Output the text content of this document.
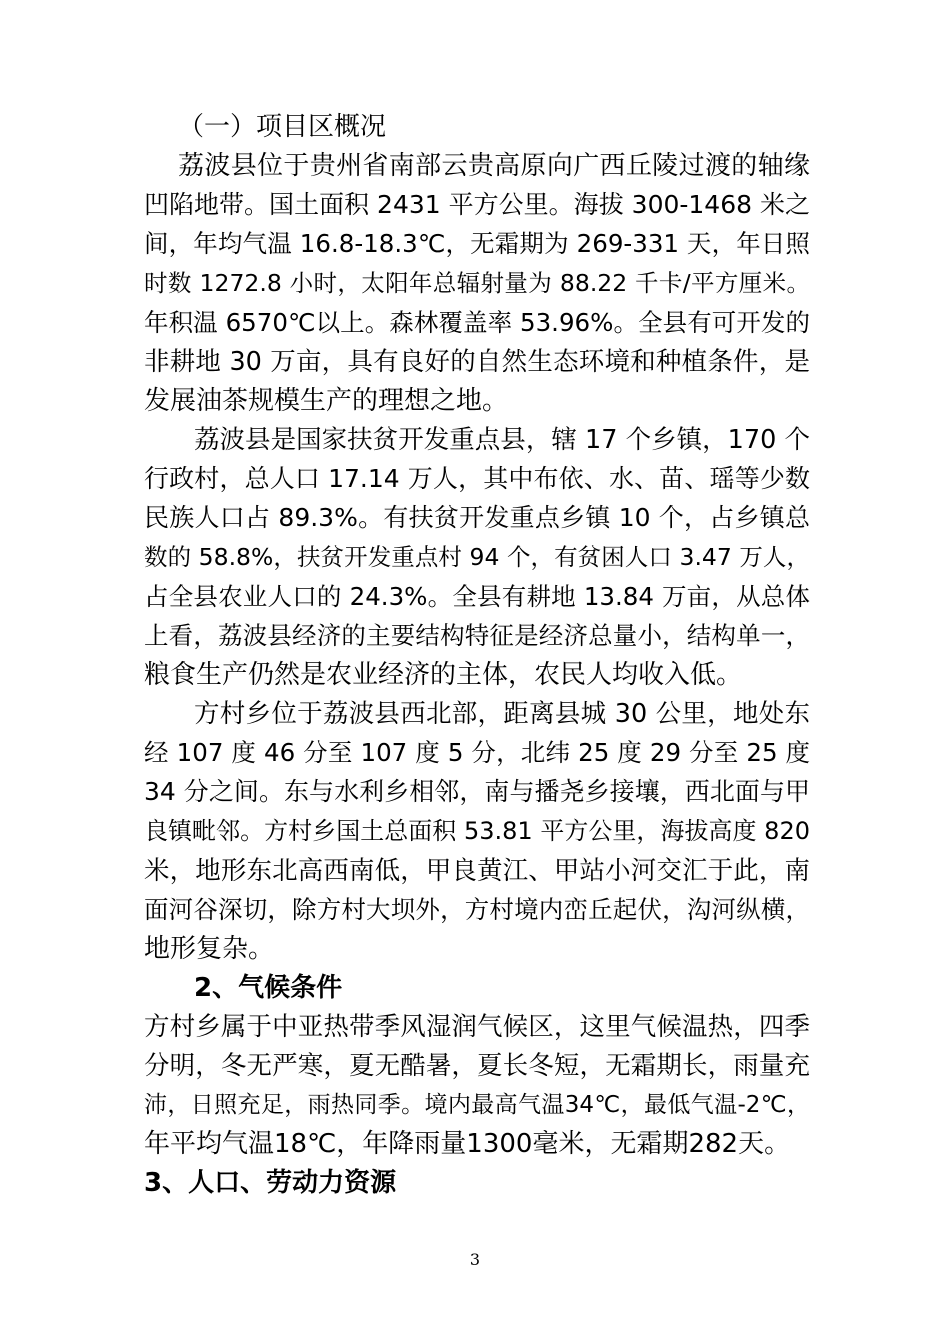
（一）项目区概况
荔波县位于贵州省南部云贵高原向广西丘陵过渡的轴缘
凹陷地带。国土面积 2431 平方公里。海拔 300-1468 米之
间，年均气温 16.8-18.3℃，无霜期为 269-331 天，年日照
时数 1272.8 小时，太阳年总辐射量为 88.22 千卡/平方厘米。
年积温 6570℃以上。森林覆盖率 53.96%。全县有可开发的
非耕地 30 万亩，具有良好的自然生态环境和种植条件，是
发展油茶规模生产的理想之地。
荔波县是国家扶贫开发重点县，辖 17 个乡镇，170 个
行政村，总人口 17.14 万人，其中布依、水、苗、瑶等少数
民族人口占 89.3%。有扶贫开发重点乡镇 10 个，占乡镇总
数的 58.8%，扶贫开发重点村 94 个，有贫困人口 3.47 万人，
占全县农业人口的 24.3%。全县有耕地 13.84 万亩，从总体
上看，荔波县经济的主要结构特征是经济总量小，结构单一，
粮食生产仍然是农业经济的主体，农民人均收入低。
方村乡位于荔波县西北部，距离县城 30 公里，地处东
经 107 度 46 分至 107 度 5 分，北纬 25 度 29 分至 25 度
34 分之间。东与水利乡相邻，南与播尧乡接壤，西北面与甲
良镇毗邻。方村乡国土总面积 53.81 平方公里，海拔高度 820
米，地形东北高西南低，甲良黄江、甲站小河交汇于此，南
面河谷深切，除方村大坝外，方村境内峦丘起伏，沟河纵横，
地形复杂。
2、气候条件
方村乡属于中亚热带季风湿润气候区，这里气候温热，四季
分明，冬无严寒，夏无酷暑，夏长冬短，无霜期长，雨量充
沛，日照充足，雨热同季。境内最高气温34℃，最低气温-2℃，
年平均气温18℃，年降雨量1300毫米，无霜期282天。
3、人口、劳动力资源
3
